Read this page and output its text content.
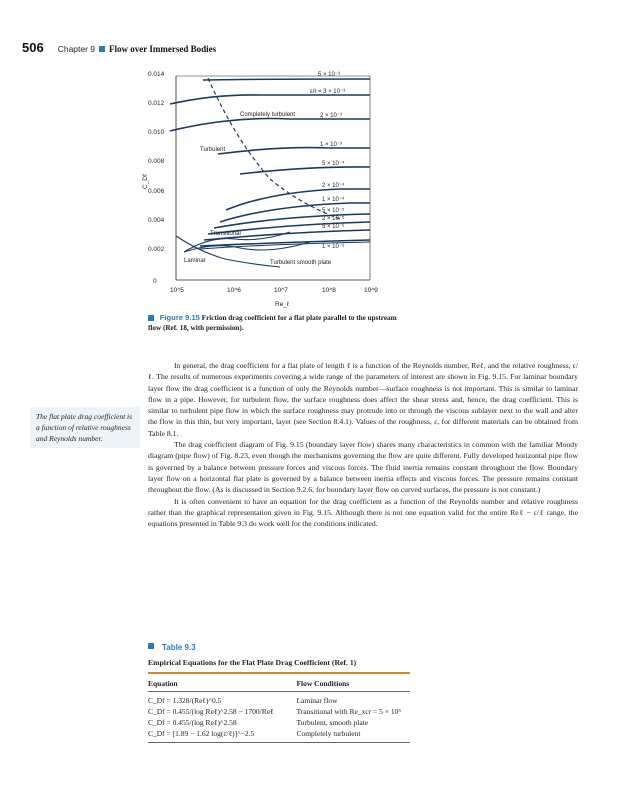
506 Chapter 9 Flow over Immersed Bodies
0.014
0.012
0.010
0.008
0.006
0.004
0.002
0
C_Df
10^5	10^6	10^7	10^8	10^9
Re_ℓ
5 × 10⁻³
ε/ℓ = 3 × 10⁻³
2 × 10⁻³
1 × 10⁻³
5 × 10⁻⁴
2 × 10⁻⁴
1 × 10⁻⁴
5 × 10⁻⁵
2 × 10⁻⁵
5 × 10⁻⁶
1 × 10⁻⁶
Completely turbulent
Turbulent
Transitional
Laminar	Turbulent smooth plate
Figure 9.15 Friction drag coefficient for a flat plate parallel to the upstream flow (Ref. 18, with permission).
The flat plate drag coefficient is a function of relative roughness and Reynolds number.

In general, the drag coefficient for a flat plate of length ℓ is a function of the Reynolds number, Reℓ, and the relative roughness, ε/ℓ. The results of numerous experiments covering a wide range of the parameters of interest are shown in Fig. 9.15. For laminar boundary layer flow the drag coefficient is a function of only the Reynolds number—surface roughness is not important. This is similar to laminar flow in a pipe. However, for turbulent flow, the surface roughness does affect the shear stress and, hence, the drag coefficient. This is similar to turbulent pipe flow in which the surface roughness may protrude into or through the viscous sublayer next to the wall and alter the flow in this thin, but very important, layer (see Section 8.4.1). Values of the roughness, ε, for different materials can be obtained from Table 8.1.

The drag coefficient diagram of Fig. 9.15 (boundary layer flow) shares many characteristics in common with the familiar Moody diagram (pipe flow) of Fig. 8.23, even though the mechanisms governing the flow are quite different. Fully developed horizontal pipe flow is governed by a balance between pressure forces and viscous forces. The fluid inertia remains constant throughout the flow. Boundary layer flow on a horizontal flat plate is governed by a balance between inertia effects and viscous forces. The pressure remains constant throughout the flow. (As is discussed in Section 9.2.6, for boundary layer flow on curved surfaces, the pressure is not constant.)

It is often convenient to have an equation for the drag coefficient as a function of the Reynolds number and relative roughness rather than the graphical representation given in Fig. 9.15. Although there is not one equation valid for the entire Reℓ − ε/ℓ range, the equations presented in Table 9.3 do work well for the conditions indicated.

Table 9.3
Empirical Equations for the Flat Plate Drag Coefficient (Ref. 1)
Equation	Flow Conditions
C_Df = 1.328/(Reℓ)^0.5	Laminar flow
C_Df = 0.455/(log Reℓ)^2.58 − 1700/Reℓ	Transitional with Re_xcr = 5 × 10⁵
C_Df = 0.455/(log Reℓ)^2.58	Turbulent, smooth plate
C_Df = [1.89 − 1.62 log(ε/ℓ)]^−2.5	Completely turbulent
